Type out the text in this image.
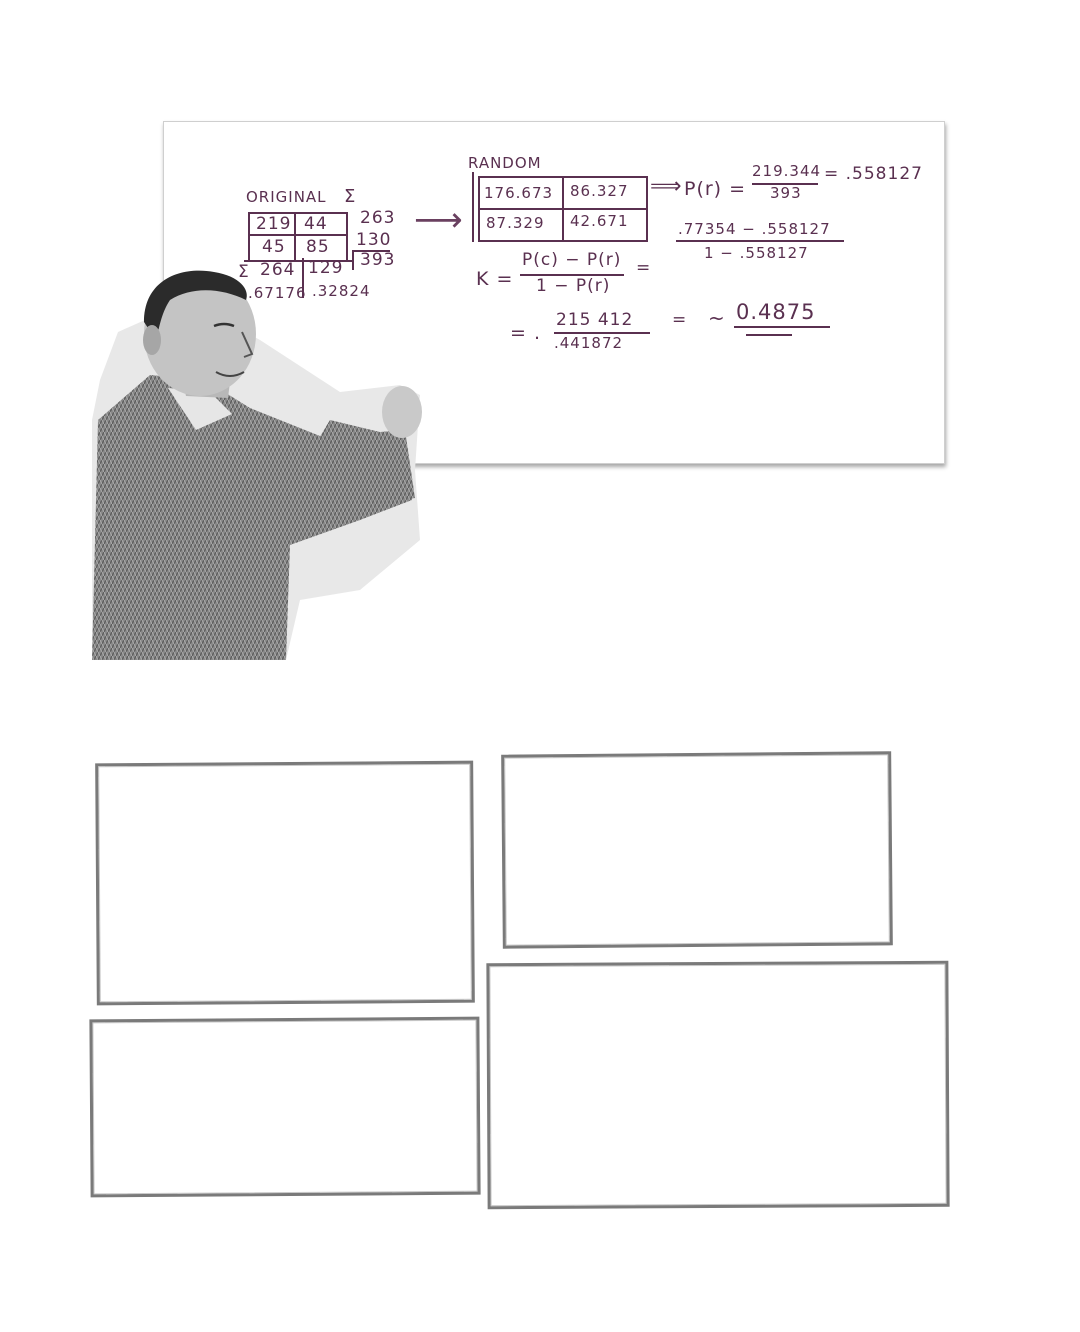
ORIGINAL Σ
219 44
45 85
263
130
393
Σ 264 129
.67176 .32824
⟶
RANDOM
176.673 86.327
87.329 42.671
⟹ P(r) =
219.344
393
= .558127
K =
P(c) − P(r)
1 − P(r)
=
.77354 − .558127
1 − .558127
= .
215 412
.441872
= ~ 0.4875
